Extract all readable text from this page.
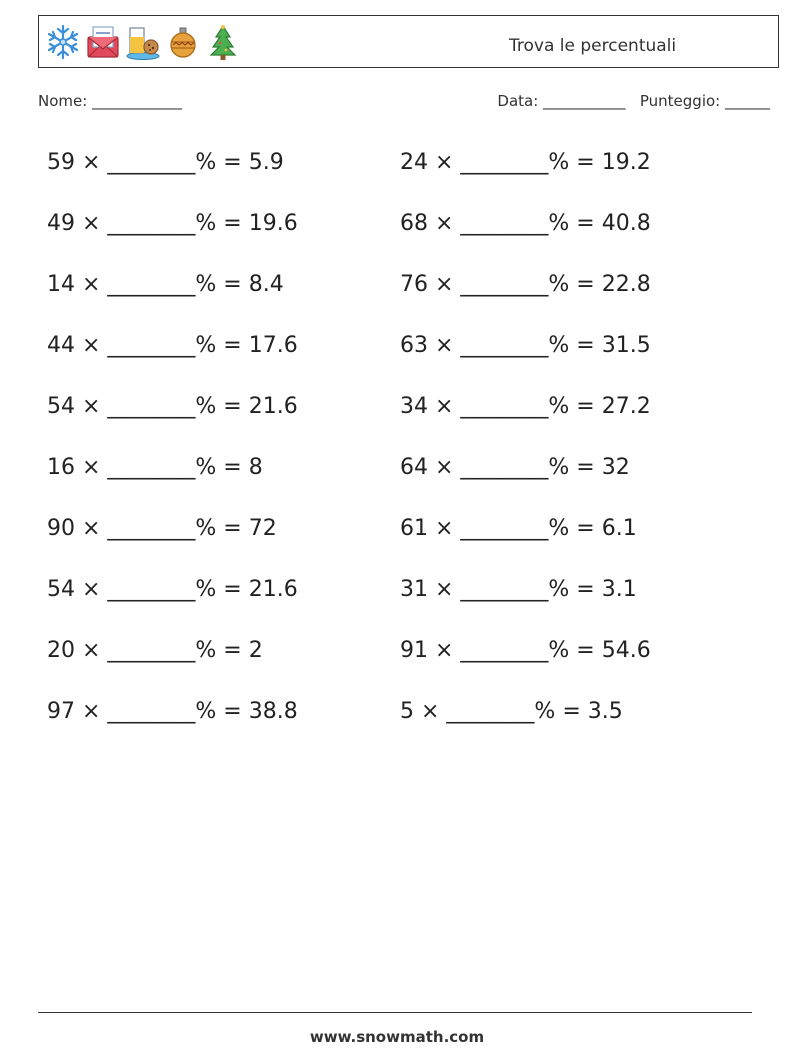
Trova le percentuali
Nome: ____________	Data: ___________ Punteggio: ______
59 × ________% = 5.9
49 × ________% = 19.6
14 × ________% = 8.4
44 × ________% = 17.6
54 × ________% = 21.6
16 × ________% = 8
90 × ________% = 72
54 × ________% = 21.6
20 × ________% = 2
97 × ________% = 38.8
24 × ________% = 19.2
68 × ________% = 40.8
76 × ________% = 22.8
63 × ________% = 31.5
34 × ________% = 27.2
64 × ________% = 32
61 × ________% = 6.1
31 × ________% = 3.1
91 × ________% = 54.6
5 × ________% = 3.5
www.snowmath.com
